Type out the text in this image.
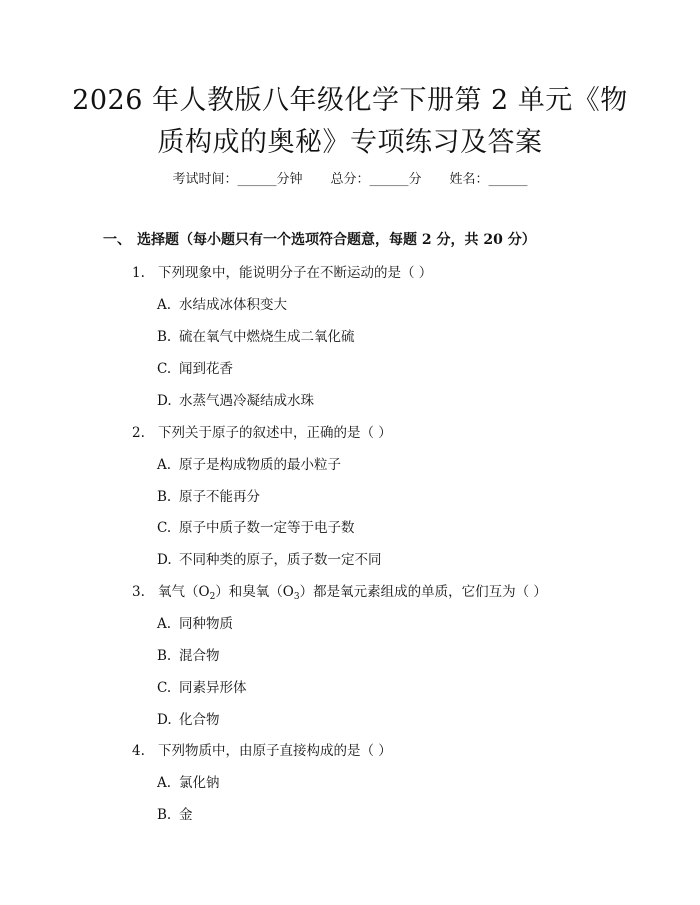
2026 年人教版八年级化学下册第 2 单元《物
质构成的奥秘》专项练习及答案
考试时间：______分钟 总分：______分 姓名：______
一、 选择题（每小题只有一个选项符合题意，每题 2 分，共 20 分）
1. 下列现象中，能说明分子在不断运动的是（ ）
A. 水结成冰体积变大
B. 硫在氧气中燃烧生成二氧化硫
C. 闻到花香
D. 水蒸气遇冷凝结成水珠
2. 下列关于原子的叙述中，正确的是（ ）
A. 原子是构成物质的最小粒子
B. 原子不能再分
C. 原子中质子数一定等于电子数
D. 不同种类的原子，质子数一定不同
3. 氧气$(O_2)$和臭氧$(O_3)$都是氧元素组成的单质，它们互为（ ）
A. 同种物质
B. 混合物
C. 同素异形体
D. 化合物
4. 下列物质中，由原子直接构成的是（ ）
A. 氯化钠
B. 金
